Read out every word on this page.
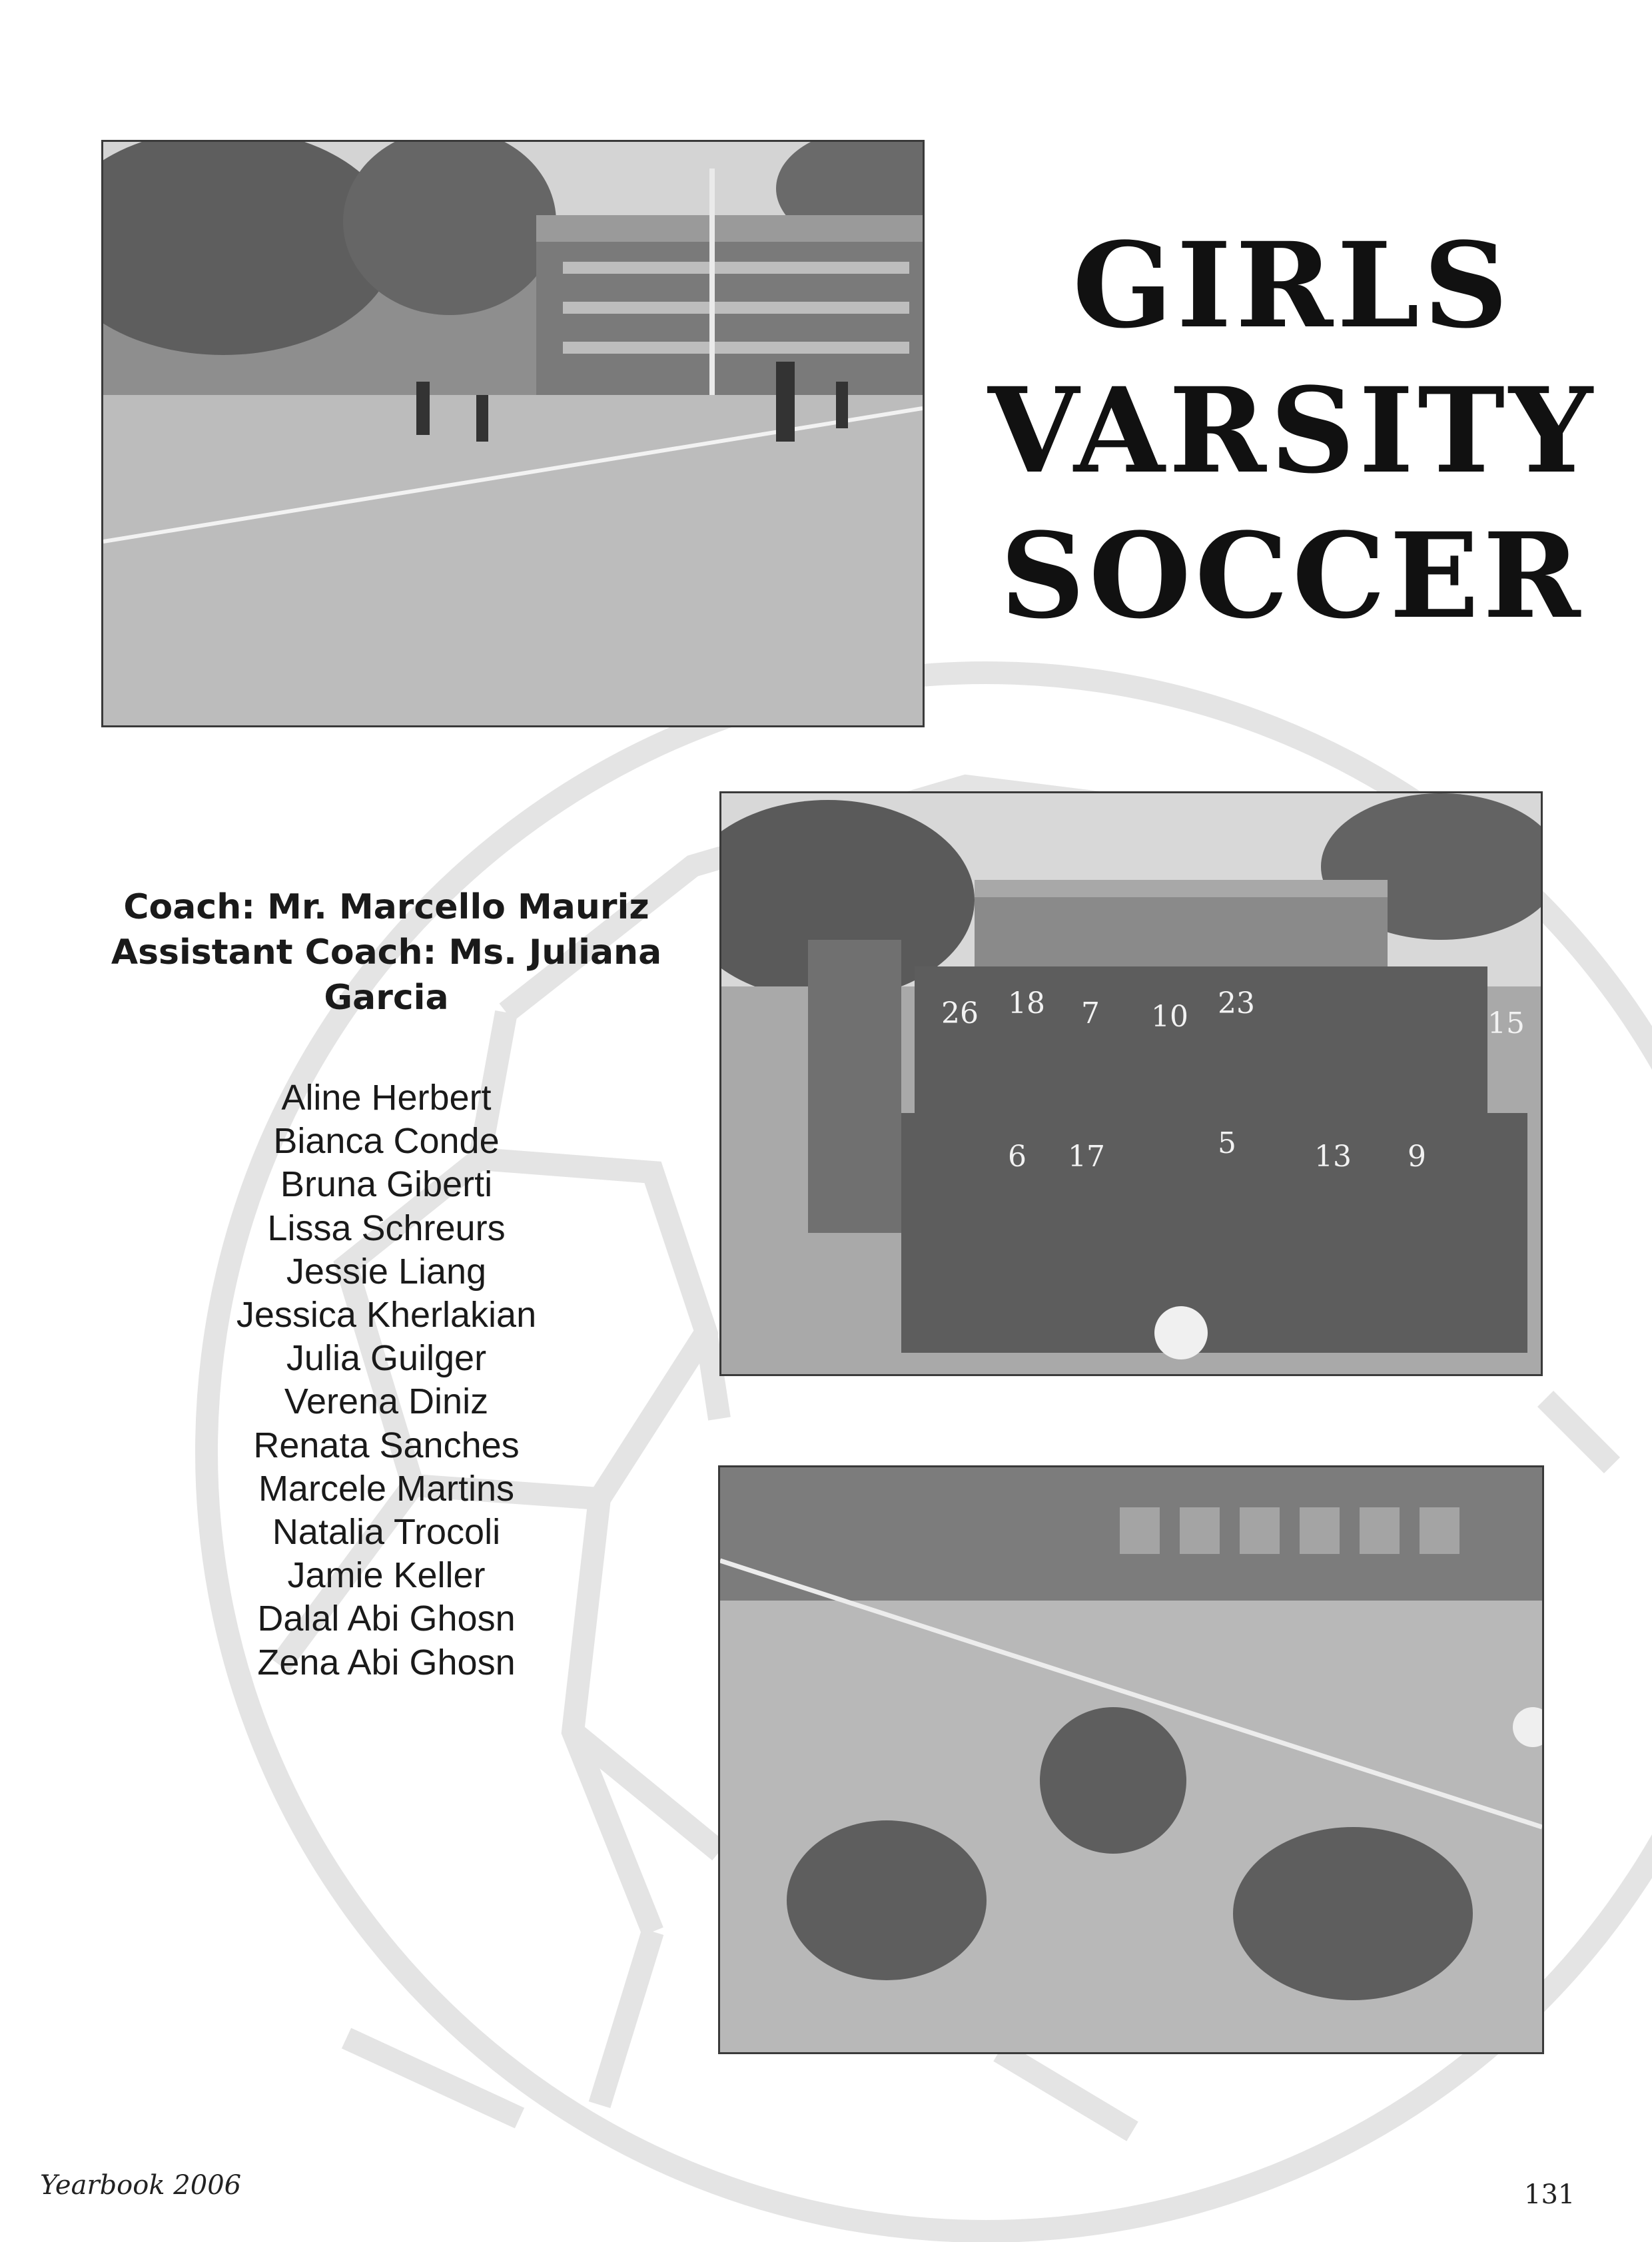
GIRLS
VARSITY
SOCCER
26 18 7 10 23
6 17	5	13 9
15
Coach: Mr. Marcello Mauriz
Assistant Coach: Ms. Juliana
Garcia
Aline Herbert
Bianca Conde
Bruna Giberti
Lissa Schreurs
Jessie Liang
Jessica Kherlakian
Julia Guilger
Verena Diniz
Renata Sanches
Marcele Martins
Natalia Trocoli
Jamie Keller
Dalal Abi Ghosn
Zena Abi Ghosn
Yearbook 2006	131
